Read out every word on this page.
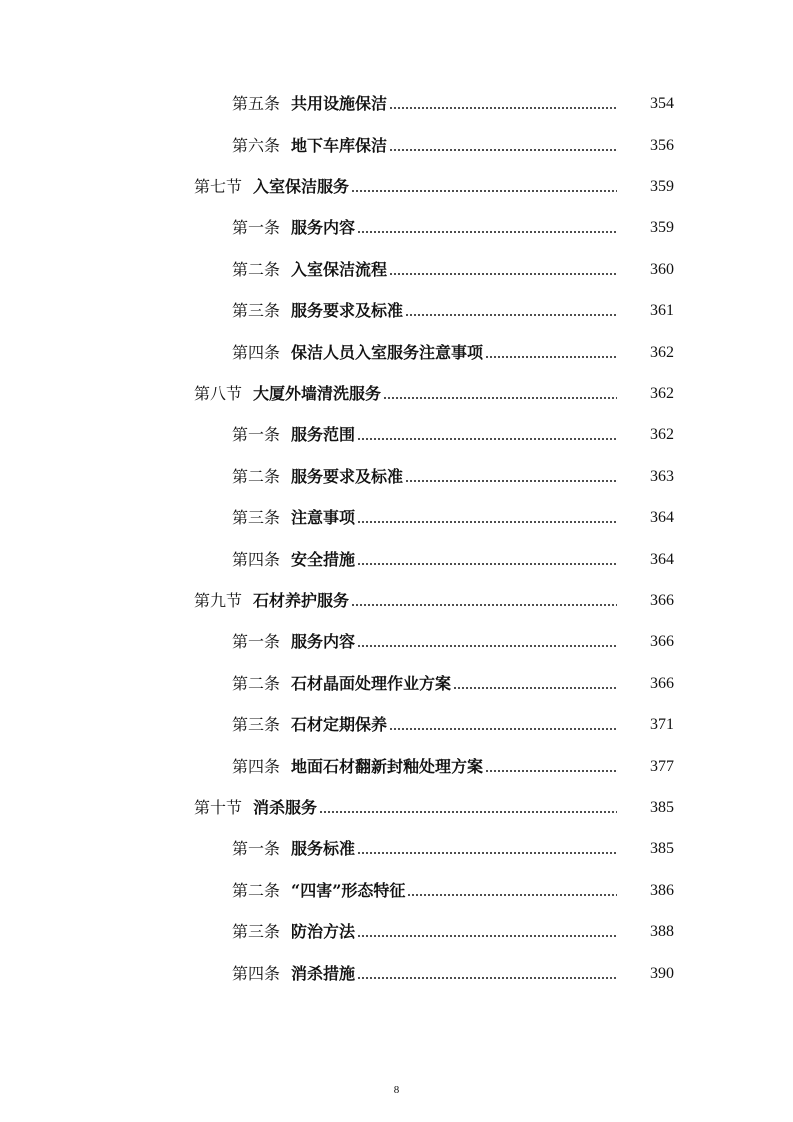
第五条 共用设施保洁	354
第六条 地下车库保洁	356
第七节 入室保洁服务	359
第一条 服务内容	359
第二条 入室保洁流程	360
第三条 服务要求及标准	361
第四条 保洁人员入室服务注意事项	362
第八节 大厦外墙清洗服务	362
第一条 服务范围	362
第二条 服务要求及标准	363
第三条 注意事项	364
第四条 安全措施	364
第九节 石材养护服务	366
第一条 服务内容	366
第二条 石材晶面处理作业方案	366
第三条 石材定期保养	371
第四条 地面石材翻新封釉处理方案	377
第十节 消杀服务	385
第一条 服务标准	385
第二条 “四害”形态特征	386
第三条 防治方法	388
第四条 消杀措施	390
8
